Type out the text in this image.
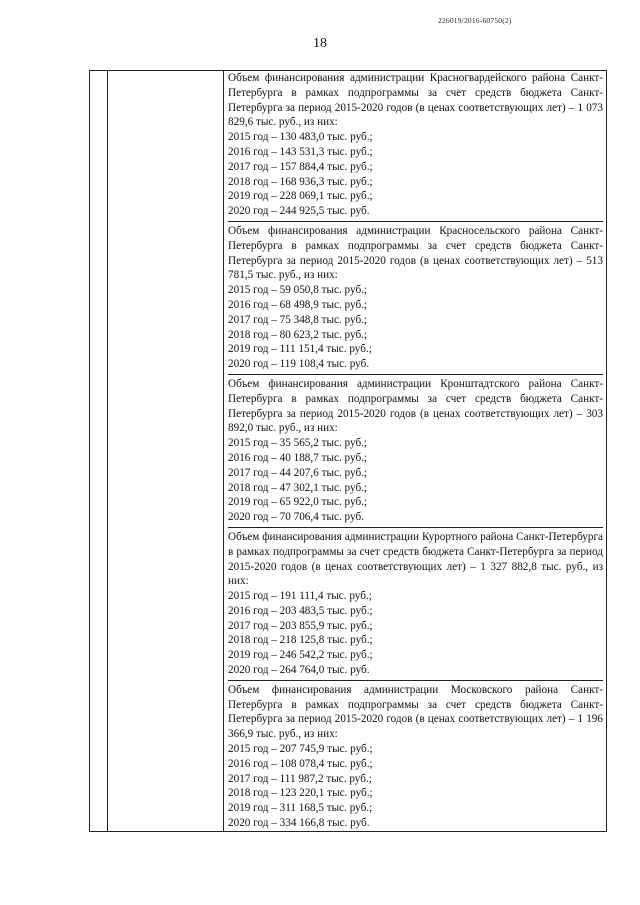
226019/2016-60750(2)
18

Объем финансирования администрации Красногвардейского района Санкт-Петербурга в рамках подпрограммы за счет средств бюджета Санкт-Петербурга за период 2015-2020 годов (в ценах соответствующих лет) – 1 073 829,6 тыс. руб., из них:

2015 год – 130 483,0 тыс. руб.;

2016 год – 143 531,3 тыс. руб.;

2017 год – 157 884,4 тыс. руб.;

2018 год – 168 936,3 тыс. руб.;

2019 год – 228 069,1 тыс. руб.;

2020 год – 244 925,5 тыс. руб.

Объем финансирования администрации Красносельского района Санкт-Петербурга в рамках подпрограммы за счет средств бюджета Санкт-Петербурга за период 2015-2020 годов (в ценах соответствующих лет) – 513 781,5 тыс. руб., из них:

2015 год – 59 050,8 тыс. руб.;

2016 год – 68 498,9 тыс. руб.;

2017 год – 75 348,8 тыс. руб.;

2018 год – 80 623,2 тыс. руб.;

2019 год – 111 151,4 тыс. руб.;

2020 год – 119 108,4 тыс. руб.

Объем финансирования администрации Кронштадтского района Санкт-Петербурга в рамках подпрограммы за счет средств бюджета Санкт-Петербурга за период 2015-2020 годов (в ценах соответствующих лет) – 303 892,0 тыс. руб., из них:

2015 год – 35 565,2 тыс. руб.;

2016 год – 40 188,7 тыс. руб.;

2017 год – 44 207,6 тыс. руб.;

2018 год – 47 302,1 тыс. руб.;

2019 год – 65 922,0 тыс. руб.;

2020 год – 70 706,4 тыс. руб.

Объем финансирования администрации Курортного района Санкт-Петербурга в рамках подпрограммы за счет средств бюджета Санкт-Петербурга за период 2015-2020 годов (в ценах соответствующих лет) – 1 327 882,8 тыс. руб., из них:

2015 год – 191 111,4 тыс. руб.;

2016 год – 203 483,5 тыс. руб.;

2017 год – 203 855,9 тыс. руб.;

2018 год – 218 125,8 тыс. руб.;

2019 год – 246 542,2 тыс. руб.;

2020 год – 264 764,0 тыс. руб.

Объем финансирования администрации Московского района Санкт-Петербурга в рамках подпрограммы за счет средств бюджета Санкт-Петербурга за период 2015-2020 годов (в ценах соответствующих лет) – 1 196 366,9 тыс. руб., из них:

2015 год – 207 745,9 тыс. руб.;

2016 год – 108 078,4 тыс. руб.;

2017 год – 111 987,2 тыс. руб.;

2018 год – 123 220,1 тыс. руб.;

2019 год – 311 168,5 тыс. руб.;

2020 год – 334 166,8 тыс. руб.
